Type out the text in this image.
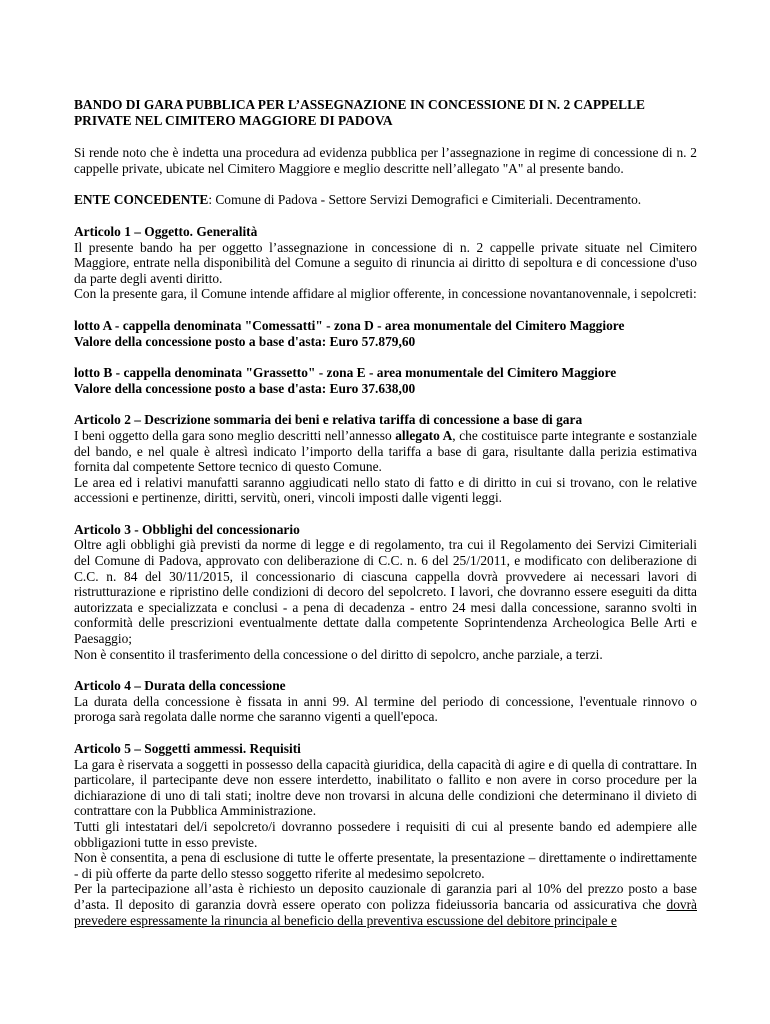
BANDO DI GARA PUBBLICA PER L’ASSEGNAZIONE IN CONCESSIONE DI N. 2 CAPPELLE
PRIVATE NEL CIMITERO MAGGIORE DI PADOVA

Si rende noto che è indetta una procedura ad evidenza pubblica per l’assegnazione in regime di concessione di n. 2 cappelle private, ubicate nel Cimitero Maggiore e meglio descritte nell’allegato "A" al presente bando.

ENTE CONCEDENTE: Comune di Padova - Settore Servizi Demografici e Cimiteriali. Decentramento.

Articolo 1 – Oggetto. Generalità

Il presente bando ha per oggetto l’assegnazione in concessione di n. 2 cappelle private situate nel Cimitero Maggiore, entrate nella disponibilità del Comune a seguito di rinuncia ai diritto di sepoltura e di concessione d'uso da parte degli aventi diritto.

Con la presente gara, il Comune intende affidare al miglior offerente, in concessione novantanovennale, i sepolcreti:

lotto A - cappella denominata "Comessatti" - zona D - area monumentale del Cimitero Maggiore

Valore della concessione posto a base d'asta: Euro 57.879,60

lotto B - cappella denominata "Grassetto" - zona E - area monumentale del Cimitero Maggiore

Valore della concessione posto a base d'asta: Euro 37.638,00

Articolo 2 – Descrizione sommaria dei beni e relativa tariffa di concessione a base di gara

I beni oggetto della gara sono meglio descritti nell’annesso allegato A, che costituisce parte integrante e sostanziale del bando, e nel quale è altresì indicato l’importo della tariffa a base di gara, risultante dalla perizia estimativa fornita dal competente Settore tecnico di questo Comune.

Le area ed i relativi manufatti saranno aggiudicati nello stato di fatto e di diritto in cui si trovano, con le relative accessioni e pertinenze, diritti, servitù, oneri, vincoli imposti dalle vigenti leggi.

Articolo 3 - Obblighi del concessionario

Oltre agli obblighi già previsti da norme di legge e di regolamento, tra cui il Regolamento dei Servizi Cimiteriali del Comune di Padova, approvato con deliberazione di C.C. n. 6 del 25/1/2011, e modificato con deliberazione di C.C. n. 84 del 30/11/2015, il concessionario di ciascuna cappella dovrà provvedere ai necessari lavori di ristrutturazione e ripristino delle condizioni di decoro del sepolcreto. I lavori, che dovranno essere eseguiti da ditta autorizzata e specializzata e conclusi - a pena di decadenza - entro 24 mesi dalla concessione, saranno svolti in conformità delle prescrizioni eventualmente dettate dalla competente Soprintendenza Archeologica Belle Arti e Paesaggio;

Non è consentito il trasferimento della concessione o del diritto di sepolcro, anche parziale, a terzi.

Articolo 4 – Durata della concessione

La durata della concessione è fissata in anni 99. Al termine del periodo di concessione, l'eventuale rinnovo o proroga sarà regolata dalle norme che saranno vigenti a quell'epoca.

Articolo 5 – Soggetti ammessi. Requisiti

La gara è riservata a soggetti in possesso della capacità giuridica, della capacità di agire e di quella di contrattare. In particolare, il partecipante deve non essere interdetto, inabilitato o fallito e non avere in corso procedure per la dichiarazione di uno di tali stati; inoltre deve non trovarsi in alcuna delle condizioni che determinano il divieto di contrattare con la Pubblica Amministrazione.

Tutti gli intestatari del/i sepolcreto/i dovranno possedere i requisiti di cui al presente bando ed adempiere alle obbligazioni tutte in esso previste.

Non è consentita, a pena di esclusione di tutte le offerte presentate, la presentazione – direttamente o indirettamente - di più offerte da parte dello stesso soggetto riferite al medesimo sepolcreto.

Per la partecipazione all’asta è richiesto un deposito cauzionale di garanzia pari al 10% del prezzo posto a base d’asta. Il deposito di garanzia dovrà essere operato con polizza fideiussoria bancaria od assicurativa che dovrà prevedere espressamente la rinuncia al beneficio della preventiva escussione del debitore principale e
